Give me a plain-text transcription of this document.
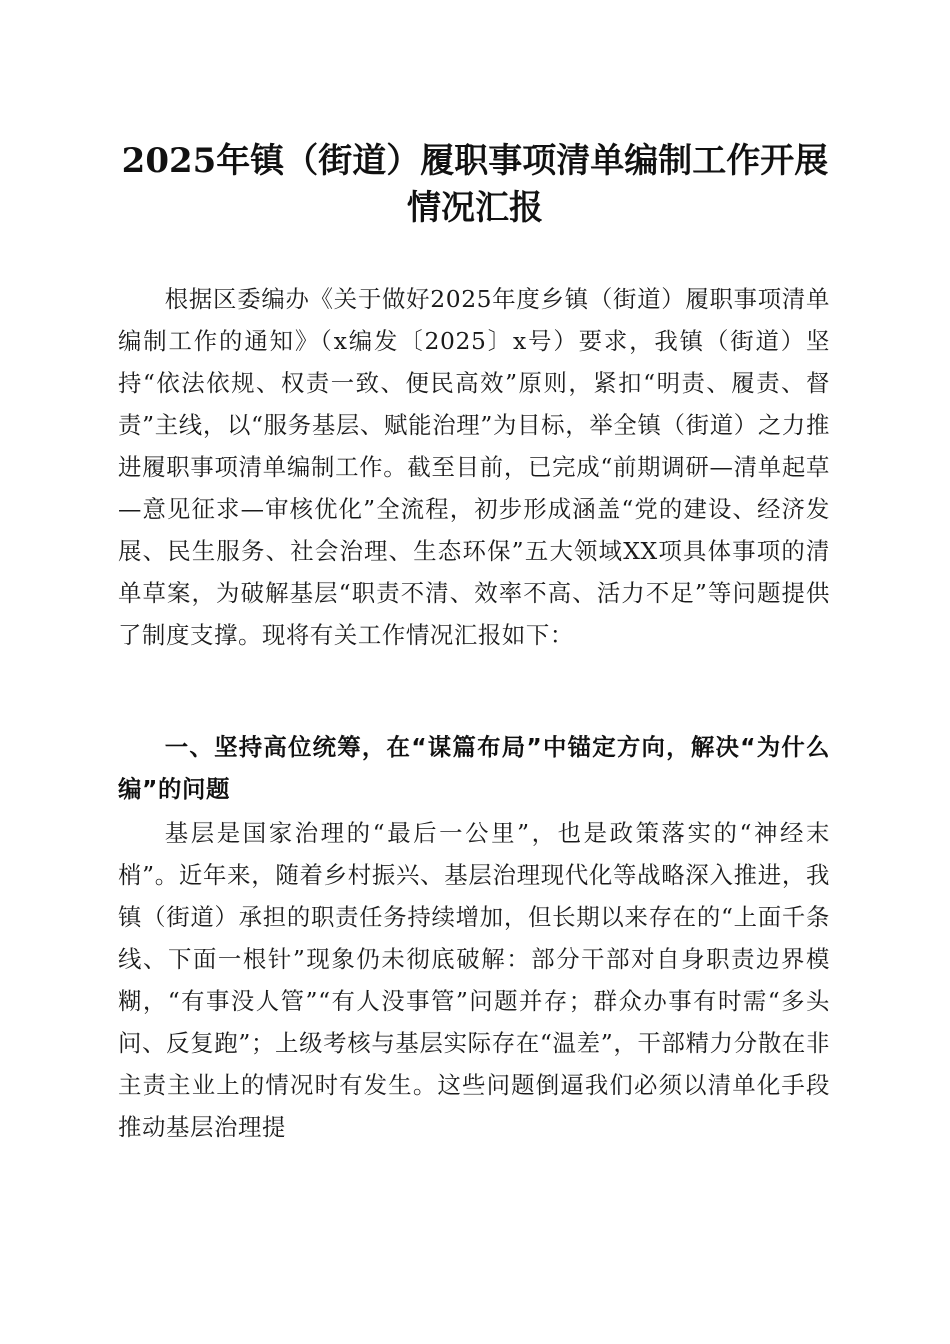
2025年镇（街道）履职事项清单编制工作开展情况汇报

根据区委编办《关于做好2025年度乡镇（街道）履职事项清单编制工作的通知》（x编发〔2025〕x号）要求，我镇（街道）坚持“依法依规、权责一致、便民高效”原则，紧扣“明责、履责、督责”主线，以“服务基层、赋能治理”为目标，举全镇（街道）之力推进履职事项清单编制工作。截至目前，已完成“前期调研—清单起草—意见征求—审核优化”全流程，初步形成涵盖“党的建设、经济发展、民生服务、社会治理、生态环保”五大领域XX项具体事项的清单草案，为破解基层“职责不清、效率不高、活力不足”等问题提供了制度支撑。现将有关工作情况汇报如下：

一、坚持高位统筹，在“谋篇布局”中锚定方向，解决“为什么编”的问题

基层是国家治理的“最后一公里”，也是政策落实的“神经末梢”。近年来，随着乡村振兴、基层治理现代化等战略深入推进，我镇（街道）承担的职责任务持续增加，但长期以来存在的“上面千条线、下面一根针”现象仍未彻底破解：部分干部对自身职责边界模糊，“有事没人管”“有人没事管”问题并存；群众办事有时需“多头问、反复跑”；上级考核与基层实际存在“温差”，干部精力分散在非主责主业上的情况时有发生。这些问题倒逼我们必须以清单化手段推动基层治理提
